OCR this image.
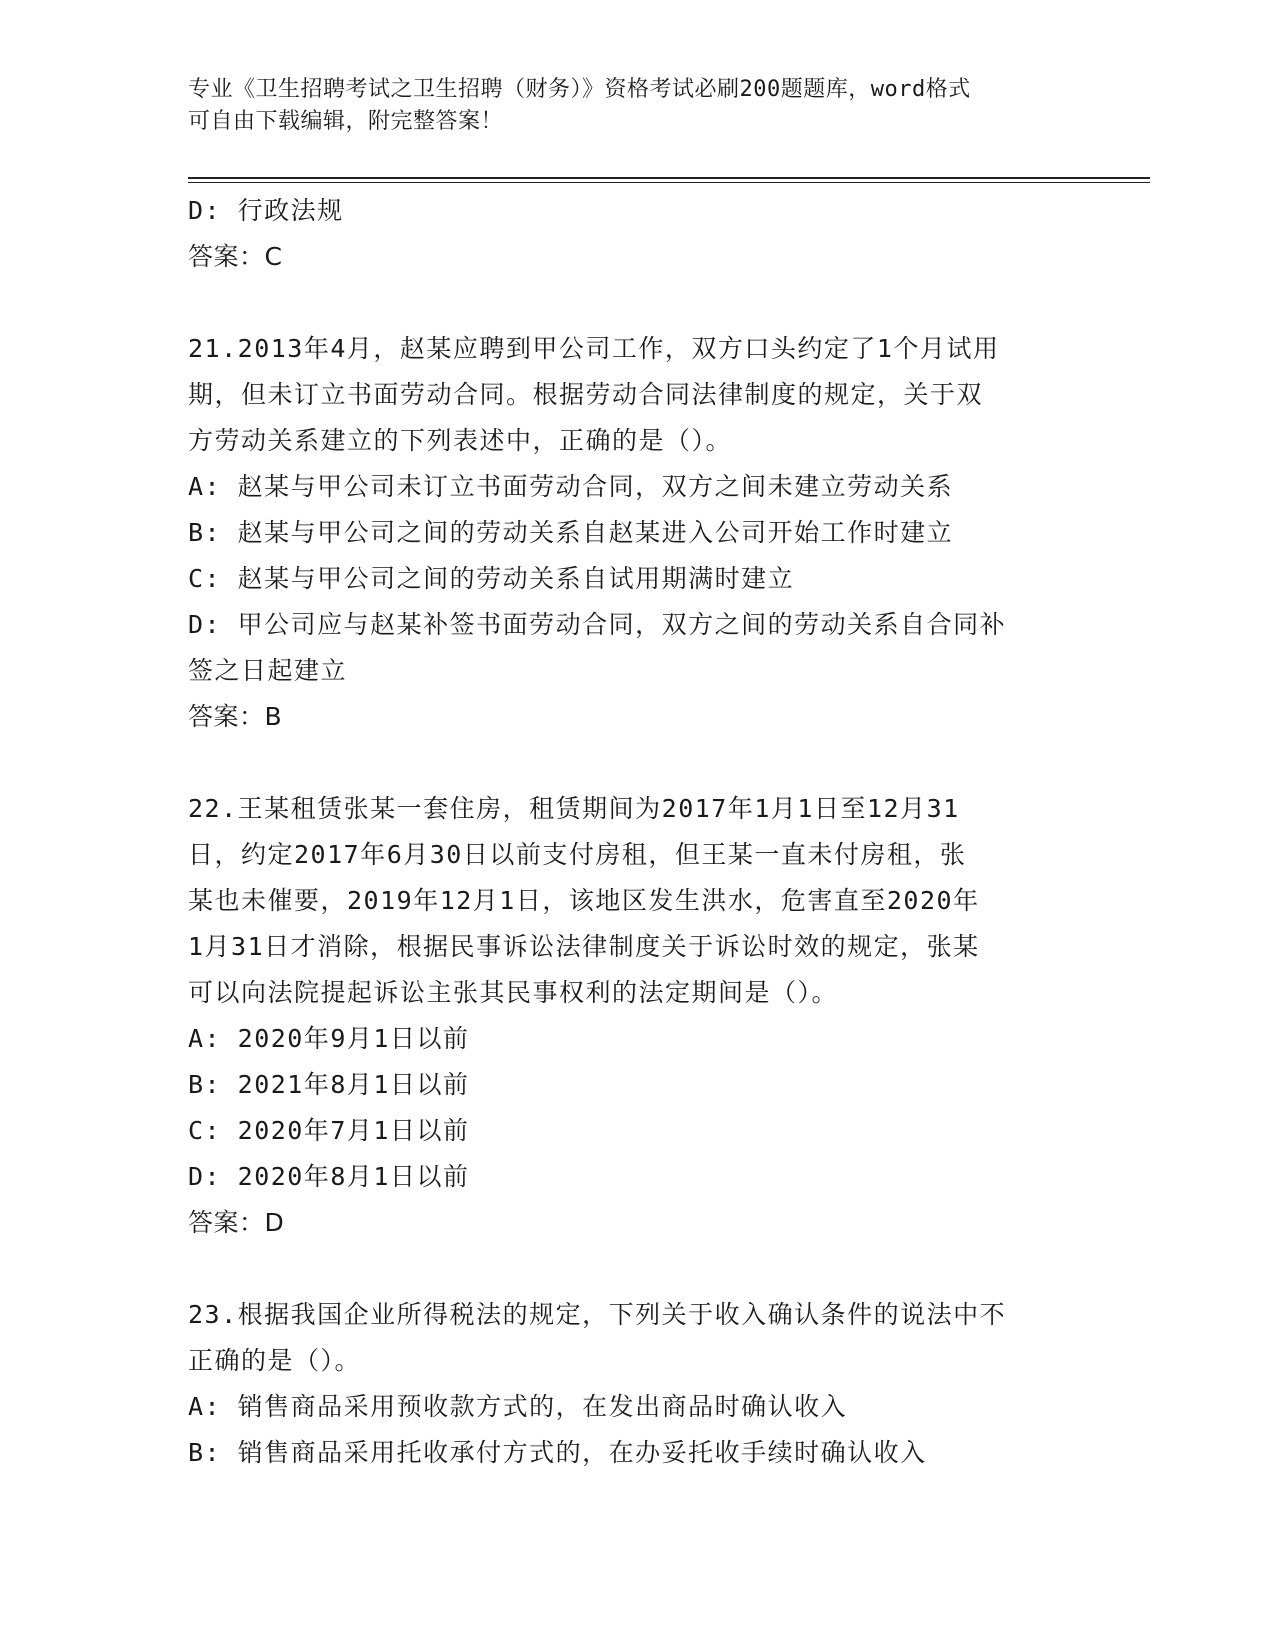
专业《卫生招聘考试之卫生招聘（财务）》资格考试必刷200题题库，word格式
可自由下载编辑，附完整答案！
D: 行政法规
答案：C
21.2013年4月，赵某应聘到甲公司工作，双方口头约定了1个月试用
期，但未订立书面劳动合同。根据劳动合同法律制度的规定，关于双
方劳动关系建立的下列表述中，正确的是（）。
A: 赵某与甲公司未订立书面劳动合同，双方之间未建立劳动关系
B: 赵某与甲公司之间的劳动关系自赵某进入公司开始工作时建立
C: 赵某与甲公司之间的劳动关系自试用期满时建立
D: 甲公司应与赵某补签书面劳动合同，双方之间的劳动关系自合同补
签之日起建立
答案：B
22.王某租赁张某一套住房，租赁期间为2017年1月1日至12月31
日，约定2017年6月30日以前支付房租，但王某一直未付房租，张
某也未催要，2019年12月1日，该地区发生洪水，危害直至2020年
1月31日才消除，根据民事诉讼法律制度关于诉讼时效的规定，张某
可以向法院提起诉讼主张其民事权利的法定期间是（）。
A: 2020年9月1日以前
B: 2021年8月1日以前
C: 2020年7月1日以前
D: 2020年8月1日以前
答案：D
23.根据我国企业所得税法的规定，下列关于收入确认条件的说法中不
正确的是（）。
A: 销售商品采用预收款方式的，在发出商品时确认收入
B: 销售商品采用托收承付方式的，在办妥托收手续时确认收入
